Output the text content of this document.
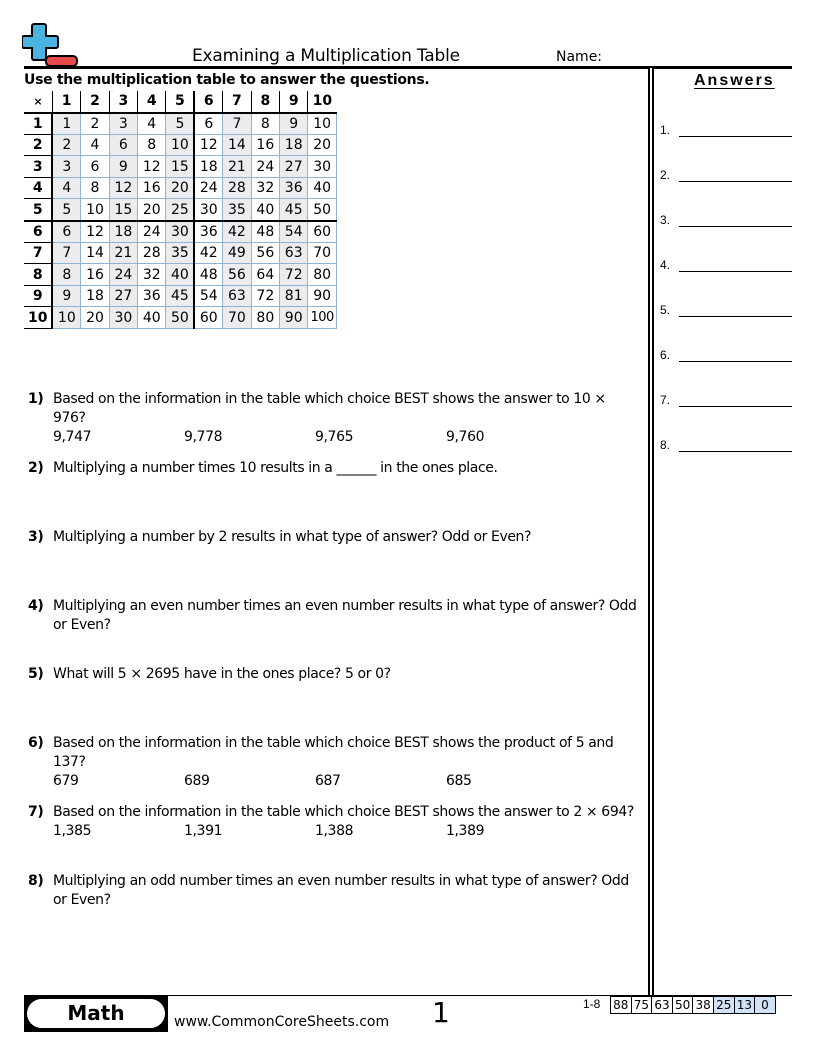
Examining a Multiplication Table	Name:
Use the multiplication table to answer the questions.
×	1	2	3	4	5	6	7	8	9	10
1	1	2	3	4	5	6	7	8	9	10
2	2	4	6	8	10	12	14	16	18	20
3	3	6	9	12	15	18	21	24	27	30
4	4	8	12	16	20	24	28	32	36	40
5	5	10	15	20	25	30	35	40	45	50
6	6	12	18	24	30	36	42	48	54	60
7	7	14	21	28	35	42	49	56	63	70
8	8	16	24	32	40	48	56	64	72	80
9	9	18	27	36	45	54	63	72	81	90
10	10	20	30	40	50	60	70	80	90	100
1) Based on the information in the table which choice BEST shows the answer to 10 × 976?
9,747	9,778	9,765	9,760
2) Multiplying a number times 10 results in a ______ in the ones place.
3) Multiplying a number by 2 results in what type of answer? Odd or Even?
4) Multiplying an even number times an even number results in what type of answer? Odd or Even?
5) What will 5 × 2695 have in the ones place? 5 or 0?
6) Based on the information in the table which choice BEST shows the product of 5 and 137?
679	689	687	685
7) Based on the information in the table which choice BEST shows the answer to 2 × 694?
1,385	1,391	1,388	1,389
8) Multiplying an odd number times an even number results in what type of answer? Odd or Even?
Answers
1.
2.
3.
4.
5.
6.
7.
8.
Math	www.CommonCoreSheets.com 1	1-8 88	75	63	50	38	25	13	0
